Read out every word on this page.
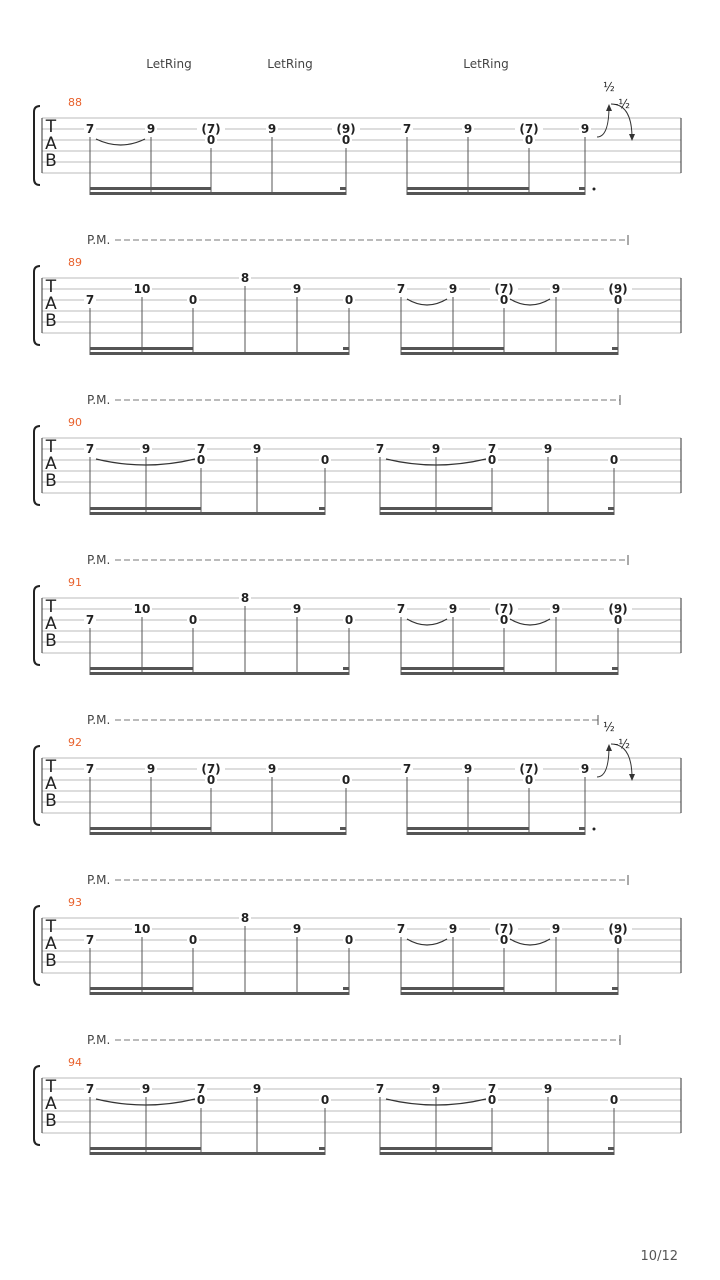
T
A
B
88
LetRing	LetRing	LetRing
7	9	(7)
0
9	(9)
0
7	9	(7)
0
9
½
-½
T
A
B
89
P.M.
7
10
0
8
9
0
7	9	(7)
0
9	(9)
0
T
A
B
90
P.M.
7	9	7
0
9
0
7	9	7
0
9
0
T
A
B
91
P.M.
7
10
0
8
9
0
7	9	(7)
0
9	(9)
0
T
A
B
92
P.M.
7	9	(7)
0
9
0
7	9	(7)
0
9
½
-½
T
A
B
93
P.M.
7
10
0
8
9
0
7	9	(7)
0
9	(9)
0
T
A
B
94
P.M.
7	9	7
0
9
0
7	9	7
0
9
0
10/12
